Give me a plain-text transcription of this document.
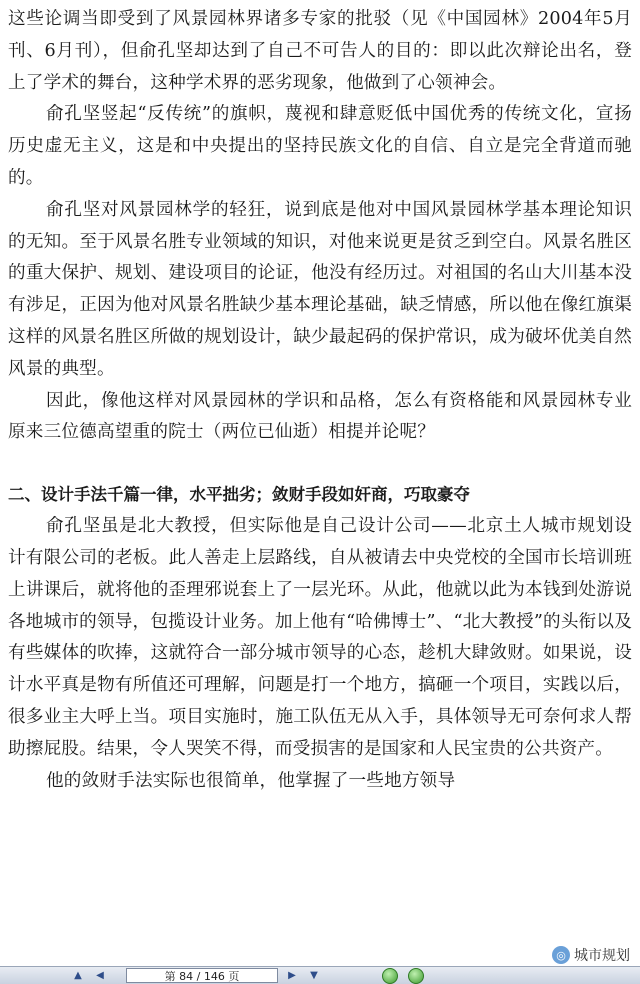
这些论调当即受到了风景园林界诸多专家的批驳（见《中国园林》2004年5月刊、6月刊），但俞孔坚却达到了自己不可告人的目的：即以此次辩论出名，登上了学术的舞台，这种学术界的恶劣现象，他做到了心领神会。

俞孔坚竖起“反传统”的旗帜，蔑视和肆意贬低中国优秀的传统文化，宣扬历史虚无主义，这是和中央提出的坚持民族文化的自信、自立是完全背道而驰的。

俞孔坚对风景园林学的轻狂，说到底是他对中国风景园林学基本理论知识的无知。至于风景名胜专业领域的知识，对他来说更是贫乏到空白。风景名胜区的重大保护、规划、建设项目的论证，他没有经历过。对祖国的名山大川基本没有涉足，正因为他对风景名胜缺少基本理论基础，缺乏情感，所以他在像红旗渠这样的风景名胜区所做的规划设计，缺少最起码的保护常识，成为破坏优美自然风景的典型。

因此，像他这样对风景园林的学识和品格，怎么有资格能和风景园林专业原来三位德高望重的院士（两位已仙逝）相提并论呢？

二、设计手法千篇一律，水平拙劣；敛财手段如奸商，巧取豪夺

俞孔坚虽是北大教授，但实际他是自己设计公司——北京土人城市规划设计有限公司的老板。此人善走上层路线，自从被请去中央党校的全国市长培训班上讲课后，就将他的歪理邪说套上了一层光环。从此，他就以此为本钱到处游说各地城市的领导，包揽设计业务。加上他有“哈佛博士”、“北大教授”的头衔以及有些媒体的吹捧，这就符合一部分城市领导的心态，趁机大肆敛财。如果说，设计水平真是物有所值还可理解，问题是打一个地方，搞砸一个项目，实践以后，很多业主大呼上当。项目实施时，施工队伍无从入手，具体领导无可奈何求人帮助擦屁股。结果，令人哭笑不得，而受损害的是国家和人民宝贵的公共资产。

他的敛财手法实际也很简单，他掌握了一些地方领导

◎ 城市规划
▲	◀	第 84 / 146 页	▶	▼
